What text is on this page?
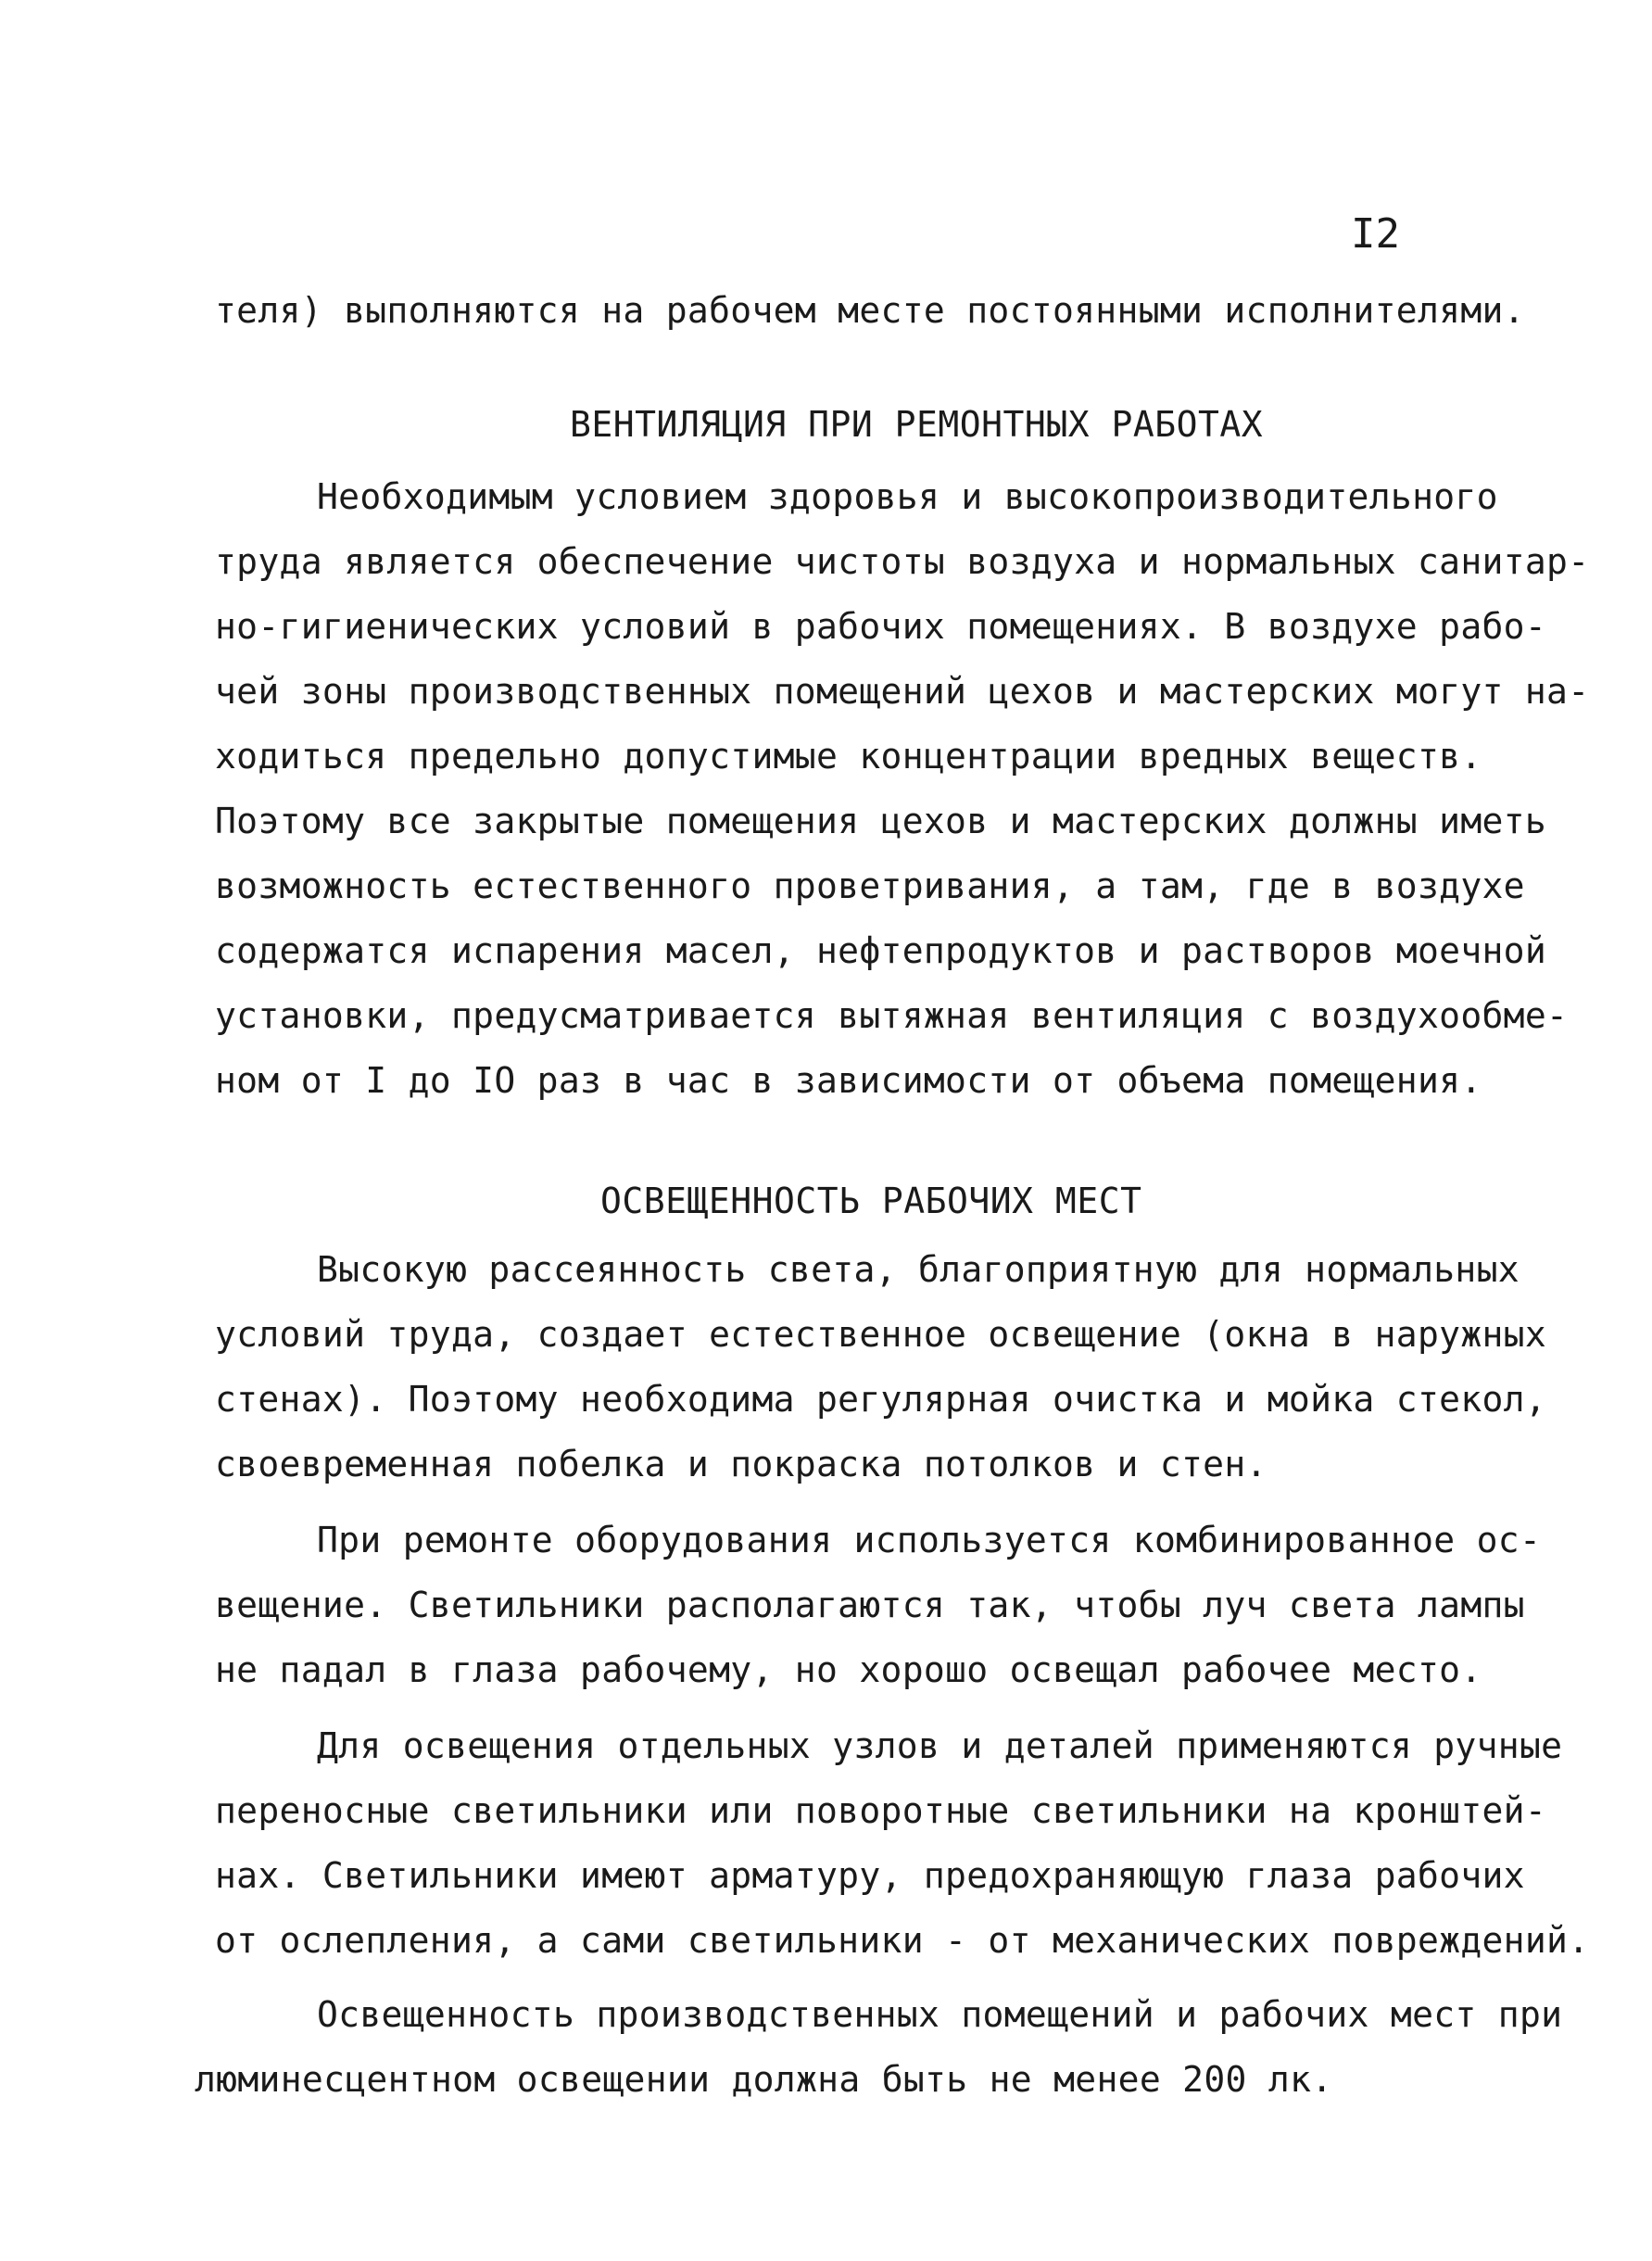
I2
теля) выполняются на рабочем месте постоянными исполнителями.
ВЕНТИЛЯЦИЯ ПРИ РЕМОНТНЫХ РАБОТАХ
Необходимым условием здоровья и высокопроизводительного
труда является обеспечение чистоты воздуха и нормальных санитар-
но-гигиенических условий в рабочих помещениях. В воздухе рабо-
чей зоны производственных помещений цехов и мастерских могут на-
ходиться предельно допустимые концентрации вредных веществ.
Поэтому все закрытые помещения цехов и мастерских должны иметь
возможность естественного проветривания, а там, где в воздухе
содержатся испарения масел, нефтепродуктов и растворов моечной
установки, предусматривается вытяжная вентиляция с воздухообме-
ном от I до IO раз в час в зависимости от объема помещения.
ОСВЕЩЕННОСТЬ РАБОЧИХ МЕСТ
Высокую рассеянность света, благоприятную для нормальных
условий труда, создает естественное освещение (окна в наружных
стенах). Поэтому необходима регулярная очистка и мойка стекол,
своевременная побелка и покраска потолков и стен.
При ремонте оборудования используется комбинированное ос-
вещение. Светильники располагаются так, чтобы луч света лампы
не падал в глаза рабочему, но хорошо освещал рабочее место.
Для освещения отдельных узлов и деталей применяются ручные
переносные светильники или поворотные светильники на кронштей-
нах. Светильники имеют арматуру, предохраняющую глаза рабочих
от ослепления, а сами светильники - от механических повреждений.
Освещенность производственных помещений и рабочих мест при
люминесцентном освещении должна быть не менее 200 лк.
